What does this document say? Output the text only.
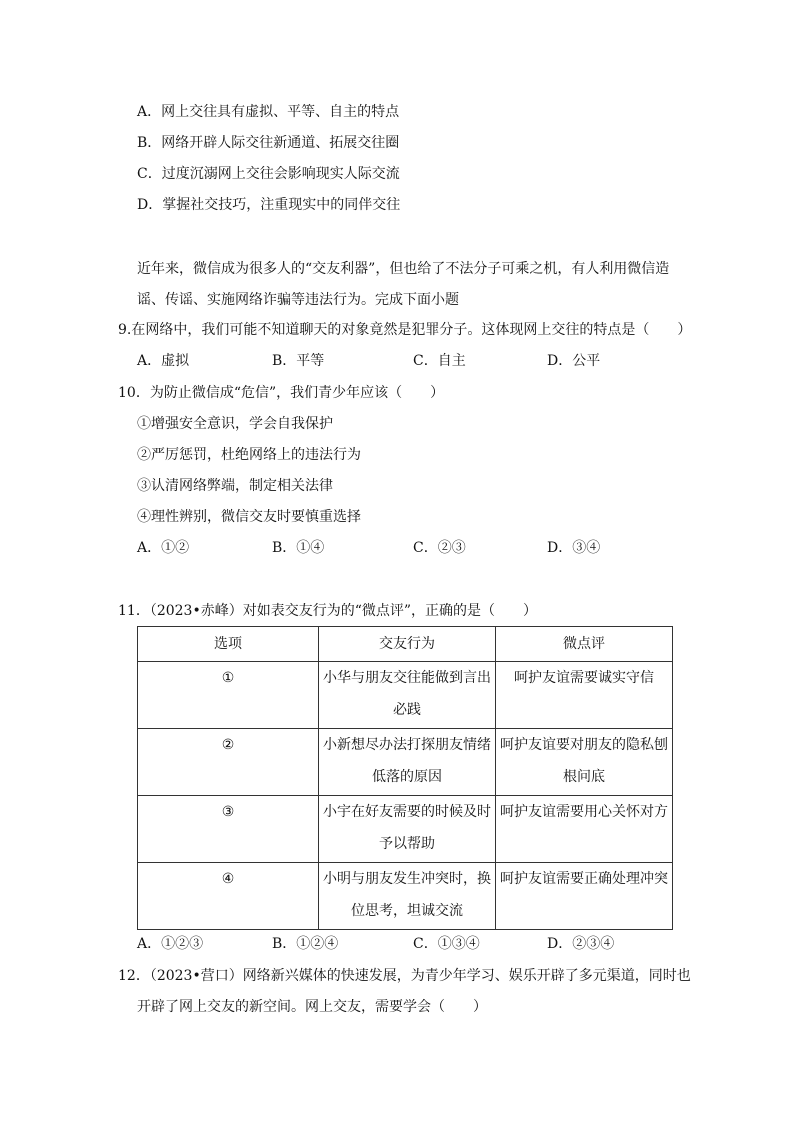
A．网上交往具有虚拟、平等、自主的特点
B．网络开辟人际交往新通道、拓展交往圈
C．过度沉溺网上交往会影响现实人际交流
D．掌握社交技巧，注重现实中的同伴交往
近年来，微信成为很多人的“交友利器”，但也给了不法分子可乘之机，有人利用微信造
谣、传谣、实施网络诈骗等违法行为。完成下面小题
9.在网络中，我们可能不知道聊天的对象竟然是犯罪分子。这体现网上交往的特点是（　　）
A．虚拟	B．平等	C．自主	D．公平
10．为防止微信成“危信”，我们青少年应该（　　）
①增强安全意识，学会自我保护
②严厉惩罚，杜绝网络上的违法行为
③认清网络弊端，制定相关法律
④理性辨别，微信交友时要慎重选择
A．①②	B．①④	C．②③	D．③④
11．（2023•赤峰）对如表交友行为的“微点评”，正确的是（　　）
选项	交友行为	微点评
①	小华与朋友交往能做到言出必践	呵护友谊需要诚实守信

②	小新想尽办法打探朋友情绪低落的原因	呵护友谊要对朋友的隐私刨根问底

③	小宇在好友需要的时候及时予以帮助	呵护友谊需要用心关怀对方

④	小明与朋友发生冲突时，换位思考，坦诚交流	呵护友谊需要正确处理冲突
A．①②③	B．①②④	C．①③④	D．②③④
12．（2023•营口）网络新兴媒体的快速发展，为青少年学习、娱乐开辟了多元渠道，同时也
开辟了网上交友的新空间。网上交友，需要学会（　　）
